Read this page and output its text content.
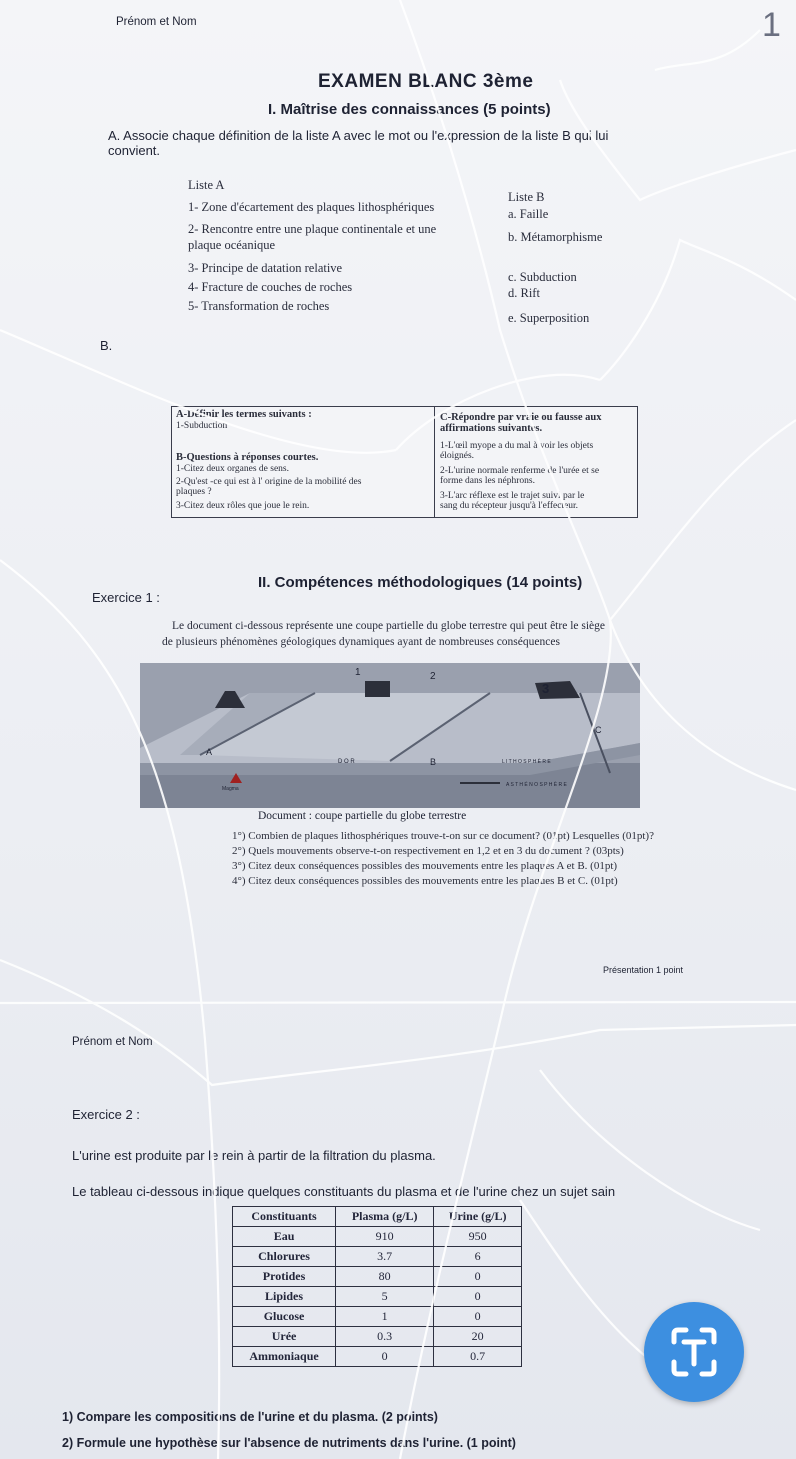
Prénom et Nom	1
EXAMEN BLANC 3ème
I. Maîtrise des connaissances (5 points)
A. Associe chaque définition de la liste A avec le mot ou l'expression de la liste B qui lui
convient.
Liste A
1- Zone d'écartement des plaques lithosphériques
2- Rencontre entre une plaque continentale et une
plaque océanique
3- Principe de datation relative
4- Fracture de couches de roches
5- Transformation de roches
Liste B
a. Faille
b. Métamorphisme
c. Subduction
d. Rift
e. Superposition
B.
A-Définir les termes suivants :
1-Subduction
B-Questions à réponses courtes.
1-Citez deux organes de sens.
2-Qu'est -ce qui est à l' origine de la mobilité des
plaques ?
3-Citez deux rôles que joue le rein.
C-Répondre par vraie ou fausse aux
affirmations suivantes.
1-L'œil myope a du mal à voir les objets
éloignés.
2-L'urine normale renferme de l'urée et se
forme dans les néphrons.
3-L'arc réflexe est le trajet suivi par le
sang du récepteur jusqu'à l'effecteur.
II. Compétences méthodologiques (14 points)
Exercice 1 :
Le document ci-dessous représente une coupe partielle du globe terrestre qui peut être le siège
de plusieurs phénomènes géologiques dynamiques ayant de nombreuses conséquences
1	2
3
A
B
C
D O R	L I T H O S P H È R E
A S T H É N O S P H È R E
Magma
Document : coupe partielle du globe terrestre
1°) Combien de plaques lithosphériques trouve-t-on sur ce document? (01pt) Lesquelles (01pt)?
2°) Quels mouvements observe-t-on respectivement en 1,2 et en 3 du document ? (03pts)
3°) Citez deux conséquences possibles des mouvements entre les plaques A et B. (01pt)
4°) Citez deux conséquences possibles des mouvements entre les plaques B et C. (01pt)
Présentation 1 point
Prénom et Nom
Exercice 2 :
L'urine est produite par le rein à partir de la filtration du plasma.
Le tableau ci-dessous indique quelques constituants du plasma et de l'urine chez un sujet sain
Constituants	Plasma (g/L)	Urine (g/L)
Eau	910	950
Chlorures	3.7	6
Protides	80	0
Lipides	5	0
Glucose	1	0
Urée	0.3	20
Ammoniaque	0	0.7
1) Compare les compositions de l'urine et du plasma. (2 points)
2) Formule une hypothèse sur l'absence de nutriments dans l'urine. (1 point)
